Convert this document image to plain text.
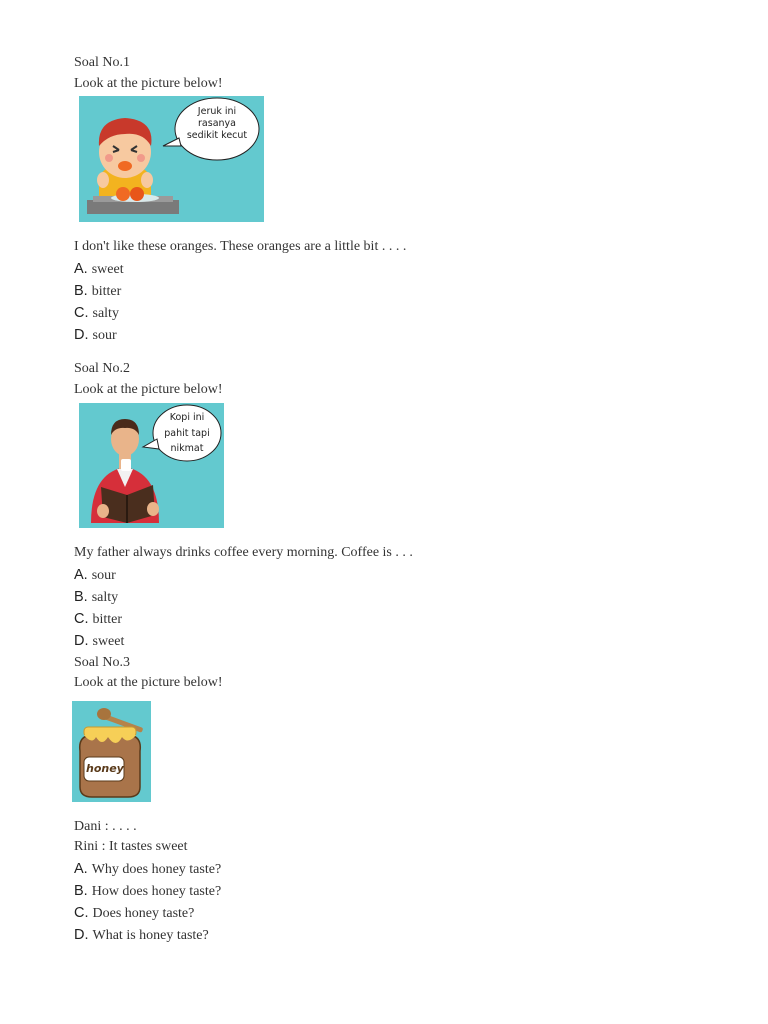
Soal No.1
Look at the picture below!
Jeruk ini rasanya sedikit kecut
I don't like these oranges. These oranges are a little bit . . . .
A. sweet
B. bitter
C. salty
D. sour
Soal No.2
Look at the picture below!
Kopi ini pahit tapi nikmat
My father always drinks coffee every morning. Coffee is . . .
A. sour
B. salty
C. bitter
D. sweet
Soal No.3
Look at the picture below!
honey
Dani : . . . .
Rini : It tastes sweet
A. Why does honey taste?
B. How does honey taste?
C. Does honey taste?
D. What is honey taste?
